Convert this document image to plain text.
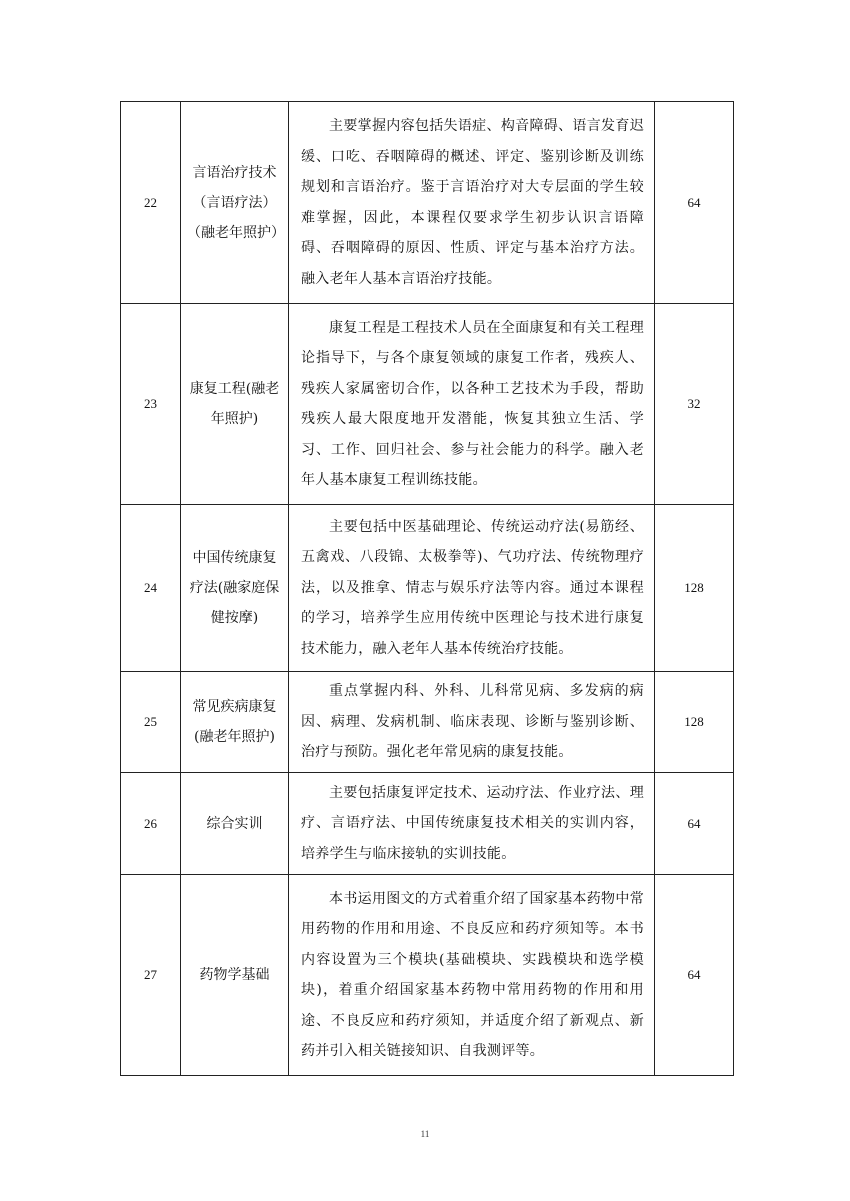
22	言语治疗技术（言语疗法）（融老年照护）	主要掌握内容包括失语症、构音障碍、语言发育迟缓、口吃、吞咽障碍的概述、评定、鉴别诊断及训练规划和言语治疗。鉴于言语治疗对大专层面的学生较难掌握，因此，本课程仅要求学生初步认识言语障碍、吞咽障碍的原因、性质、评定与基本治疗方法。融入老年人基本言语治疗技能。	64
23	康复工程(融老年照护)	康复工程是工程技术人员在全面康复和有关工程理论指导下，与各个康复领域的康复工作者，残疾人、残疾人家属密切合作，以各种工艺技术为手段，帮助残疾人最大限度地开发潜能，恢复其独立生活、学习、工作、回归社会、参与社会能力的科学。融入老年人基本康复工程训练技能。	32
24	中国传统康复疗法(融家庭保健按摩)	主要包括中医基础理论、传统运动疗法(易筋经、五禽戏、八段锦、太极拳等)、气功疗法、传统物理疗法，以及推拿、情志与娱乐疗法等内容。通过本课程的学习，培养学生应用传统中医理论与技术进行康复技术能力，融入老年人基本传统治疗技能。	128
25	常见疾病康复(融老年照护)	重点掌握内科、外科、儿科常见病、多发病的病因、病理、发病机制、临床表现、诊断与鉴别诊断、治疗与预防。强化老年常见病的康复技能。	128
26	综合实训	主要包括康复评定技术、运动疗法、作业疗法、理疗、言语疗法、中国传统康复技术相关的实训内容，培养学生与临床接轨的实训技能。	64
27	药物学基础	本书运用图文的方式着重介绍了国家基本药物中常用药物的作用和用途、不良反应和药疗须知等。本书内容设置为三个模块(基础模块、实践模块和选学模块)，着重介绍国家基本药物中常用药物的作用和用途、不良反应和药疗须知，并适度介绍了新观点、新药并引入相关链接知识、自我测评等。	64
11
